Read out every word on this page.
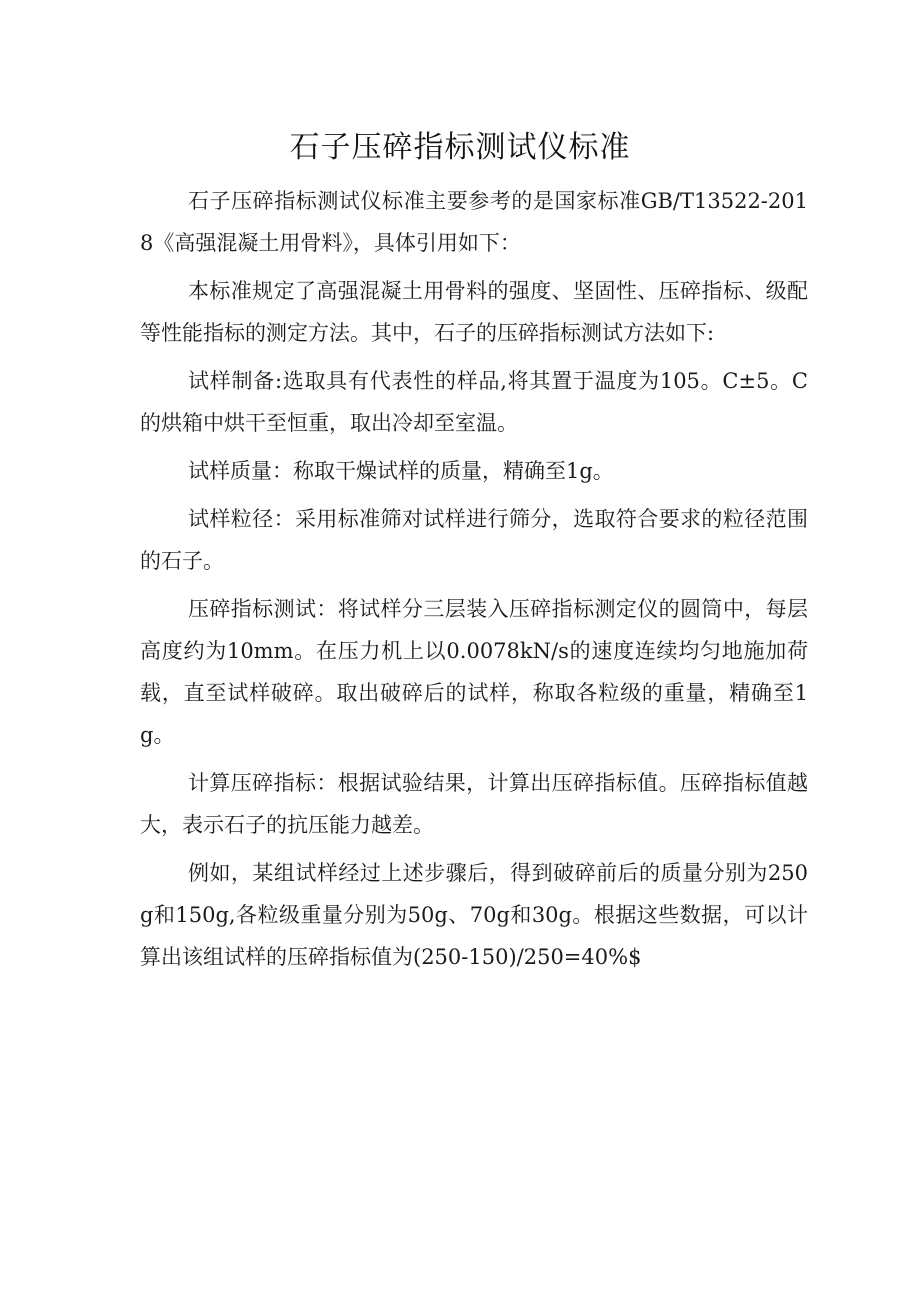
石子压碎指标测试仪标准

石子压碎指标测试仪标准主要参考的是国家标准GB/T13522-2018《高强混凝土用骨料》，具体引用如下：

本标准规定了高强混凝土用骨料的强度、坚固性、压碎指标、级配等性能指标的测定方法。其中，石子的压碎指标测试方法如下:

试样制备:选取具有代表性的样品,将其置于温度为105。C±5。C的烘箱中烘干至恒重，取出冷却至室温。

试样质量：称取干燥试样的质量，精确至1g。

试样粒径：采用标准筛对试样进行筛分，选取符合要求的粒径范围的石子。

压碎指标测试：将试样分三层装入压碎指标测定仪的圆筒中，每层高度约为10mm。在压力机上以0.0078kN/s的速度连续均匀地施加荷载，直至试样破碎。取出破碎后的试样，称取各粒级的重量，精确至1g。

计算压碎指标：根据试验结果，计算出压碎指标值。压碎指标值越大，表示石子的抗压能力越差。

例如，某组试样经过上述步骤后，得到破碎前后的质量分别为250g和150g,各粒级重量分别为50g、70g和30g。根据这些数据，可以计算出该组试样的压碎指标值为(250-150)/250=40%$
